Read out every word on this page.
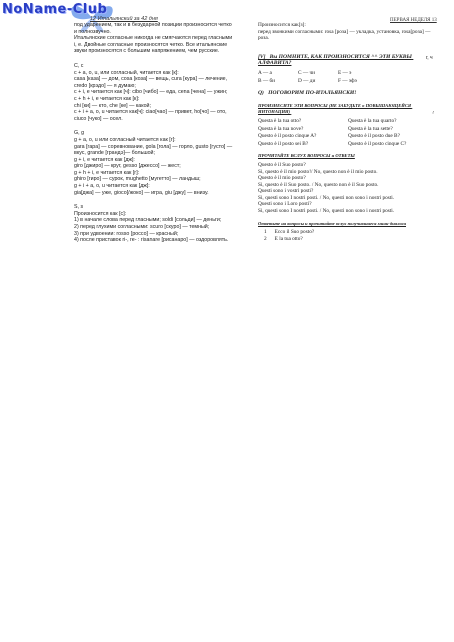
NoName-Club
12 Итальянский за 42 дня	ПЕРВАЯ НЕДЕЛЯ 13
под ударением, так и в безударной позиции произносится четко и полнозвучно.
Итальянские согласные никогда не смягчаются перед гласными i, e. Двойные согласные произносятся четко. Все итальянские звуки произносятся с большим напряжением, чем русские.
C, c
c + a, o, u, или согласный, читается как [к]:
casa [каза] — дом, cosa [коза] — вещь, cura [кура] — лечение, credo [крэдо] — я думаю;
c + i, e читается как [ч]: cibo [чибо] — еда, cena [чена] — ужин;
c + h + i, e читается как [к]:
chi [ки] — кто, che [ке] — какой;
c + i + a, o, u читается как[ч]: ciao[чао] — привет, ho[чо] — ото, ciuco [чуко] — осел.
G, g
g + a, o, u или согласный читается как [г]:
gara [гара] — соревнование, gola [гола] — горло, gusto [густо] — вкус, grande [грандэ]— большой;
g + i, e читается как [дж]:
giro [джиро] — круг, gesso [джессо] — жест;
g + h + i, e читается как [г]:
ghiro [гиро] — сурок, mughetto [мугетто] — ландыш;
g + i + a, o, u читается как [дж]:
gia[джа] — уже, gioco[/жоко] — игра, giu [джу] — внизу.
S, s
Произносится как [с]:
1) в начале слова перед гласными; soldi [сольди] — деньги;
2) перед глухими согласными: scuro [скуро] — темный;
3) при удвоении: rosso [россо] — красный;
4) после приставок ri-, re- : risanare [рисанаро] — оздоровлять.
г, ч
Произносится как[з]:
перед звонкими согласными: rosa [роза] — укладка, установка, rosa[роза] — роза.
[V]   Вы ПОМНИТЕ, КАК ПРОИЗНОСИТСЯ ^^ ЭТИ БУКВЫ АЛФАВИТА?
A — a	C — чи	E — э
B — би	D — ди	F — эфэ
Q)   ПОГОВОРИМ ПО-ИТАЛЬЯНСКИ!
ПРОИЗНЕСИТЕ ЭТИ ВОПРОСЫ (НЕ ЗАБУДЬТЕ о ПОВЫШАЮЩЕЙСЯ ИНТОНАЦИИ)	;
Questa è la tua otto?	Questa è la tua quarto?
Questa è la tua nove?	Questa è la tua sette?
Questo è il posto cinque A?	Questo è il posto due B?
Questo è il posto sei B?	Questo è il posto cinque C?
ПРОЧИТАЙТЕ ВСЛУХ ВОПРОСЫ и ОТВЕТЫ
Questo è il Suo posto?
Si, questo è il mio posto!/ No, questo non è il mio posto.
Questo è il mio posto?
Si, questo è il Suo posto. / No, questo non è il Suo posto.
Questi sono i vostri posti?
Si, questi sono I nostri posti. / No, questi non sono i nostri posti.
Questi sono i Loro posti?
Si, questi sono I nostri posti. / No, questi non sono i nostri posti.
Ответьте на вопросы и прочитайте вслух получившиеся мини-диалоги
1 Ecco il Suo posto?
2 E la tua otto?
